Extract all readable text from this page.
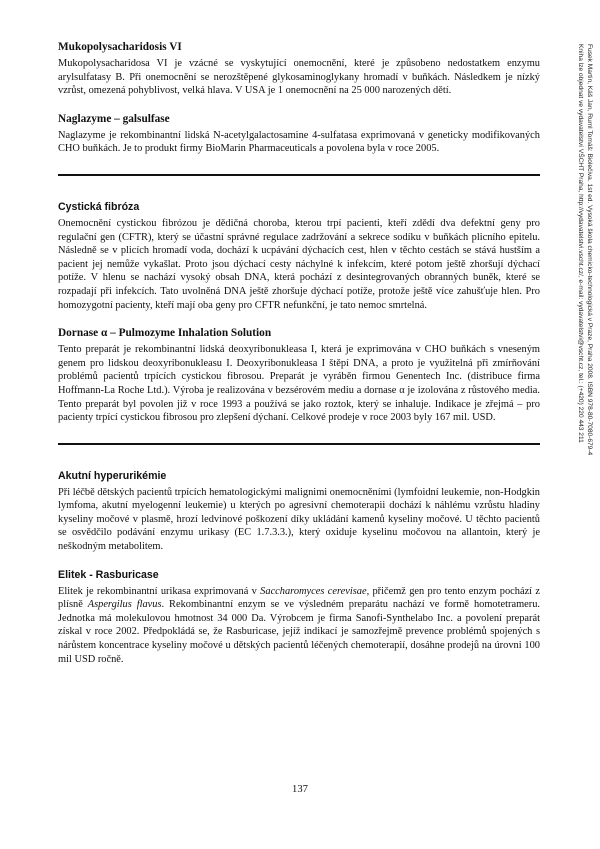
Mukopolysacharidosis VI

Mukopolysacharidosa VI je vzácné se vyskytující onemocnění, které je způsobeno nedostatkem enzymu arylsulfatasy B. Při onemocnění se nerozštěpené glykosaminoglykany hromadí v buňkách. Následkem je nízký vzrůst, omezená pohyblivost, velká hlava. V USA je 1 onemocnění na 25 000 narozených dětí.

Naglazyme – galsulfase

Naglazyme je rekombinantní lidská N-acetylgalactosamine 4-sulfatasa exprimovaná v geneticky modifikovaných CHO buňkách. Je to produkt firmy BioMarin Pharmaceuticals a povolena byla v roce 2005.

Cystická fibróza

Onemocnění cystickou fibrózou je dědičná choroba, kterou trpí pacienti, kteří zdědí dva defektní geny pro regulační gen (CFTR), který se účastní správné regulace zadržování a sekrece sodíku v buňkách plicního epitelu. Následně se v plicích hromadí voda, dochází k ucpávání dýchacích cest, hlen v těchto cestách se stává hustším a pacient jej nemůže vykašlat. Proto jsou dýchací cesty náchylné k infekcím, které potom ještě zhoršují dýchací potíže. V hlenu se nachází vysoký obsah DNA, která pochází z desintegrovaných obranných buněk, které se rozpadají při infekcích. Tato uvolněná DNA ještě zhoršuje dýchací potíže, protože ještě více zahušťuje hlen. Pro homozygotní pacienty, kteří mají oba geny pro CFTR nefunkční, je tato nemoc smrtelná.

Dornase α – Pulmozyme Inhalation Solution

Tento preparát je rekombinantní lidská deoxyribonukleasa I, která je exprimována v CHO buňkách s vneseným genem pro lidskou deoxyribonukleasu I. Deoxyribonukleasa I štěpí DNA, a proto je využitelná při zmírňování problémů pacientů trpících cystickou fibrosou. Preparát je vyráběn firmou Genentech Inc. (distribuce firma Hoffmann-La Roche Ltd.). Výroba je realizována v bezsérovém mediu a dornase α je izolována z růstového media. Tento preparát byl povolen již v roce 1993 a používá se jako roztok, který se inhaluje. Indikace je zřejmá – pro pacienty trpící cystickou fibrosou pro zlepšení dýchaní. Celkové prodeje v roce 2003 byly 167 mil. USD.

Akutní hyperurikémie

Při léčbě dětských pacientů trpících hematologickými malignimi onemocněními (lymfoidní leukemie, non-Hodgkin lymfoma, akutní myelogenní leukemie) u kterých po agresivní chemoterapii dochází k náhlému vzrůstu hladiny kyseliny močové v plasmě, hrozí ledvinové poškození díky ukládání kamenů kyseliny močové. U těchto pacientů se osvědčilo podávání enzymu urikasy (EC 1.7.3.3.), který oxiduje kyselinu močovou na allantoin, který je neškodným metabolitem.

Elitek - Rasburicase

Elitek je rekombinantní urikasa exprimovaná v Saccharomyces cerevisae, přičemž gen pro tento enzym pochází z plísně Aspergilus flavus. Rekombinantní enzym se ve výsledném preparátu nachází ve formě homotetrameru. Jednotka má molekulovou hmotnost 34 000 Da. Výrobcem je firma Sanofi-Synthelabo Inc. a povolení preparát získal v roce 2002. Předpokládá se, že Rasburicase, jejíž indikací je samozřejmě prevence problémů spojených s nárůstem koncentrace kyseliny močové u dětských pacientů léčených chemoterapií, dosáhne prodejů na úrovni 100 mil USD ročně.

Fusek Martin, Káš Jan, Ruml Tomáš: Biolečiva. 1st ed. Vysoká škola chemicko-technologická v Praze, Praha 2008. ISBN 978-80-7080-679-4
Kniha lze objednat ve vydavatelství VŠCHT Praha, http://vydavatelstvi.vscht.cz/, e-mail: vydavatelstvi@vscht.cz, tel.: (+420) 220 443 211
137
